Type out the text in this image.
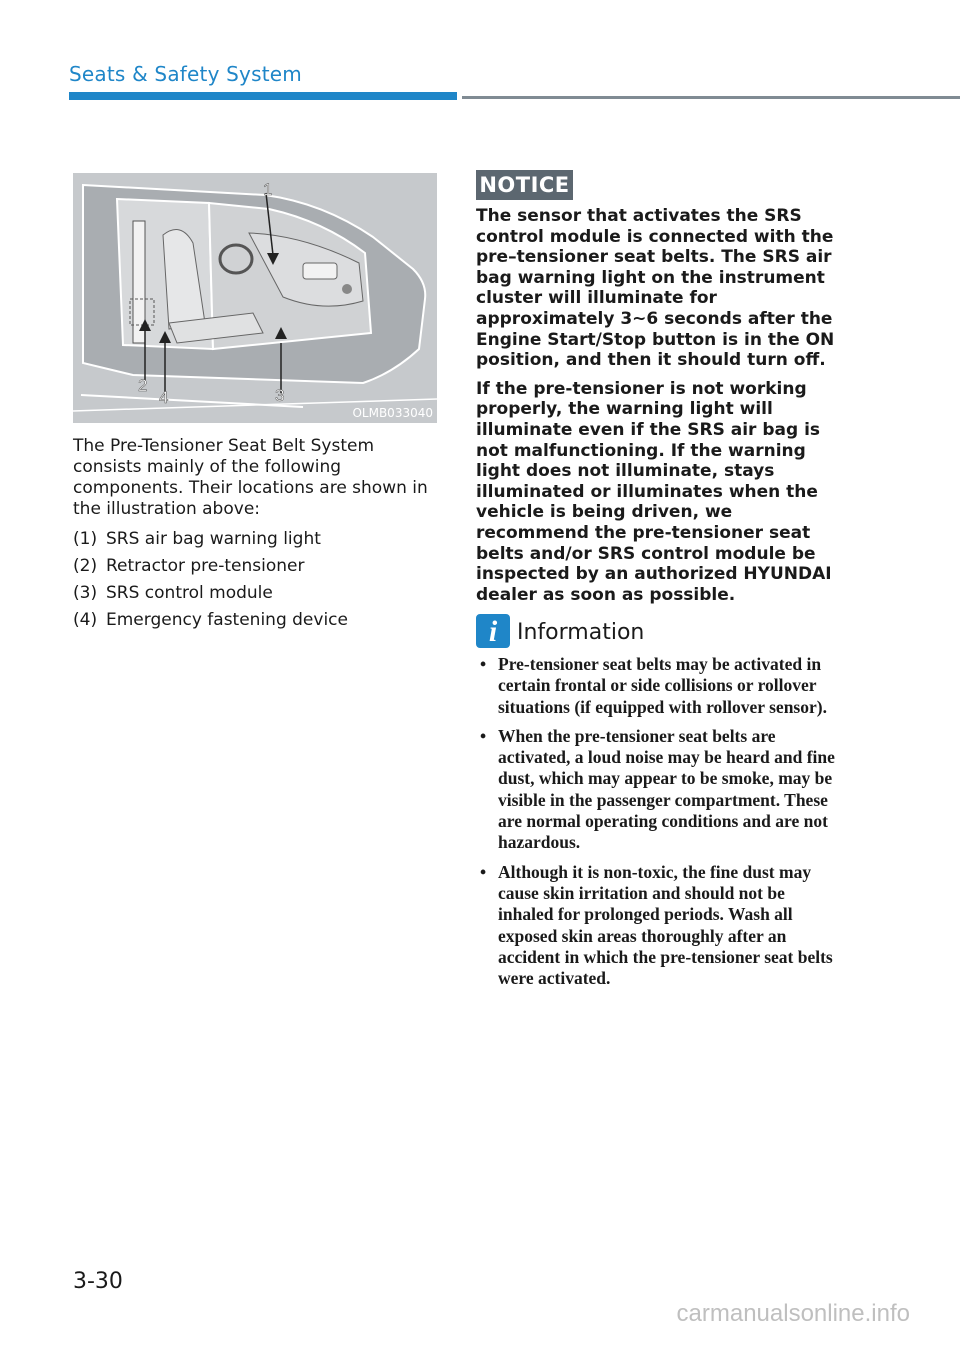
Seats & Safety System
1
2
4	3
OLMB033040

The Pre-Tensioner Seat Belt System consists mainly of the following components. Their locations are shown in the illustration above:

(1) SRS air bag warning light
(2) Retractor pre-tensioner
(3) SRS control module
(4) Emergency fastening device
NOTICE

The sensor that activates the SRS control module is connected with the pre–tensioner seat belts. The SRS air bag warning light on the instrument cluster will illuminate for approximately 3~6 seconds after the Engine Start/Stop button is in the ON position, and then it should turn off.

If the pre-tensioner is not working properly, the warning light will illuminate even if the SRS air bag is not malfunctioning. If the warning light does not illuminate, stays illuminated or illuminates when the vehicle is being driven, we recommend the pre-tensioner seat belts and/or SRS control module be inspected by an authorized HYUNDAI dealer as soon as possible.

i Information
• Pre-tensioner seat belts may be activated in certain frontal or side collisions or rollover situations (if equipped with rollover sensor).
• When the pre-tensioner seat belts are activated, a loud noise may be heard and fine dust, which may appear to be smoke, may be visible in the passenger compartment. These are normal operating conditions and are not hazardous.
• Although it is non-toxic, the fine dust may cause skin irritation and should not be inhaled for prolonged periods. Wash all exposed skin areas thoroughly after an accident in which the pre-tensioner seat belts were activated.
3-30
carmanualsonline.info
